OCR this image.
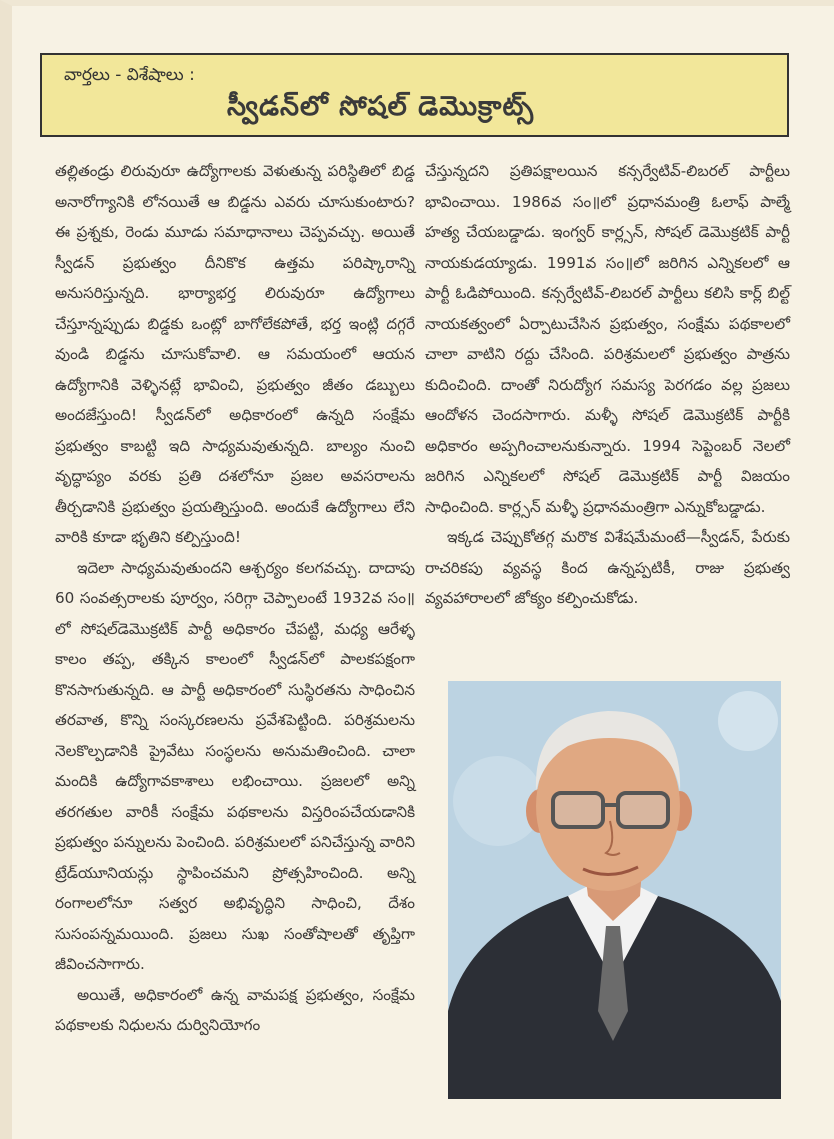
వార్తలు - విశేషాలు :
స్వీడన్‌లో సోషల్ డెమొక్రాట్స్

తల్లితండ్రు లిరువురూ ఉద్యోగాలకు వెళుతున్న పరిస్థితిలో బిడ్డ అనారోగ్యానికి లోనయితే ఆ బిడ్డను ఎవరు చూసుకుంటారు? ఈ ప్రశ్నకు, రెండు మూడు సమాధానాలు చెప్పవచ్చు. అయితే స్వీడన్ ప్రభుత్వం దీనికొక ఉత్తమ పరిష్కారాన్ని అనుసరిస్తున్నది. భార్యాభర్త లిరువురూ ఉద్యోగాలు చేస్తూన్నప్పుడు బిడ్డకు ఒంట్లో బాగోలేకపోతే, భర్త ఇంట్లి దగ్గరే వుండి బిడ్డను చూసుకోవాలి. ఆ సమయంలో ఆయన ఉద్యోగానికి వెళ్ళినట్లే భావించి, ప్రభుత్వం జీతం డబ్బులు అందజేస్తుంది! స్వీడన్‌లో అధికారంలో ఉన్నది సంక్షేమ ప్రభుత్వం కాబట్టి ఇది సాధ్యమవుతున్నది. బాల్యం నుంచి వృద్ధాప్యం వరకు ప్రతి దశలోనూ ప్రజల అవసరాలను తీర్చడానికి ప్రభుత్వం ప్రయత్నిస్తుంది. అందుకే ఉద్యోగాలు లేని వారికి కూడా భృతిని కల్పిస్తుంది!

ఇదెలా సాధ్యమవుతుందని ఆశ్చర్యం కలగవచ్చు. దాదాపు 60 సంవత్సరాలకు పూర్వం, సరిగ్గా చెప్పాలంటే 1932వ సం॥లో సోషల్‌డెమొక్రటిక్ పార్టీ అధికారం చేపట్టి, మధ్య ఆరేళ్ళ కాలం తప్ప, తక్కిన కాలంలో స్వీడన్‌లో పాలకపక్షంగా కొనసాగుతున్నది. ఆ పార్టీ అధికారంలో సుస్థిరతను సాధించిన తరవాత, కొన్ని సంస్కరణలను ప్రవేశపెట్టింది. పరిశ్రమలను నెలకొల్పడానికి ప్రైవేటు సంస్థలను అనుమతించింది. చాలా మందికి ఉద్యోగావకాశాలు లభించాయి. ప్రజలలో అన్ని తరగతుల వారికీ సంక్షేమ పథకాలను విస్తరింపచేయడానికి ప్రభుత్వం పన్నులను పెంచింది. పరిశ్రమలలో పనిచేస్తున్న వారిని ట్రేడ్‌యూనియన్లు స్థాపించమని ప్రోత్సహించింది. అన్ని రంగాలలోనూ సత్వర అభివృద్ధిని సాధించి, దేశం సుసంపన్నమయింది. ప్రజలు సుఖ సంతోషాలతో తృప్తిగా జీవించసాగారు.

అయితే, అధికారంలో ఉన్న వామపక్ష ప్రభుత్వం, సంక్షేమ పథకాలకు నిధులను దుర్వినియోగం

చేస్తున్నదని ప్రతిపక్షాలయిన కన్సర్వేటివ్-లిబరల్ పార్టీలు భావించాయి. 1986వ సం॥లో ప్రధానమంత్రి ఓలాఫ్ పాల్మే హత్య చేయబడ్డాడు. ఇంగ్వర్ కార్ల్సన్, సోషల్ డెమొక్రటిక్ పార్టీ నాయకుడయ్యాడు. 1991వ సం॥లో జరిగిన ఎన్నికలలో ఆ పార్టీ ఓడిపోయింది. కన్సర్వేటివ్-లిబరల్ పార్టీలు కలిసి కార్ల్ బిల్ట్ నాయకత్వంలో ఏర్పాటుచేసిన ప్రభుత్వం, సంక్షేమ పథకాలలో చాలా వాటిని రద్దు చేసింది. పరిశ్రమలలో ప్రభుత్వం పాత్రను కుదించింది. దాంతో నిరుద్యోగ సమస్య పెరగడం వల్ల ప్రజలు ఆందోళన చెందసాగారు. మళ్ళీ సోషల్ డెమొక్రటిక్ పార్టీకి అధికారం అప్పగించాలనుకున్నారు. 1994 సెప్టెంబర్ నెలలో జరిగిన ఎన్నికలలో సోషల్ డెమొక్రటిక్ పార్టీ విజయం సాధించింది. కార్ల్సన్ మళ్ళీ ప్రధానమంత్రిగా ఎన్నుకోబడ్డాడు.

ఇక్కడ చెప్పుకోతగ్గ మరొక విశేషమేమంటే—స్వీడన్, పేరుకు రాచరికపు వ్యవస్థ కింద ఉన్నప్పటికీ, రాజు ప్రభుత్వ వ్యవహారాలలో జోక్యం కల్పించుకోడు.
